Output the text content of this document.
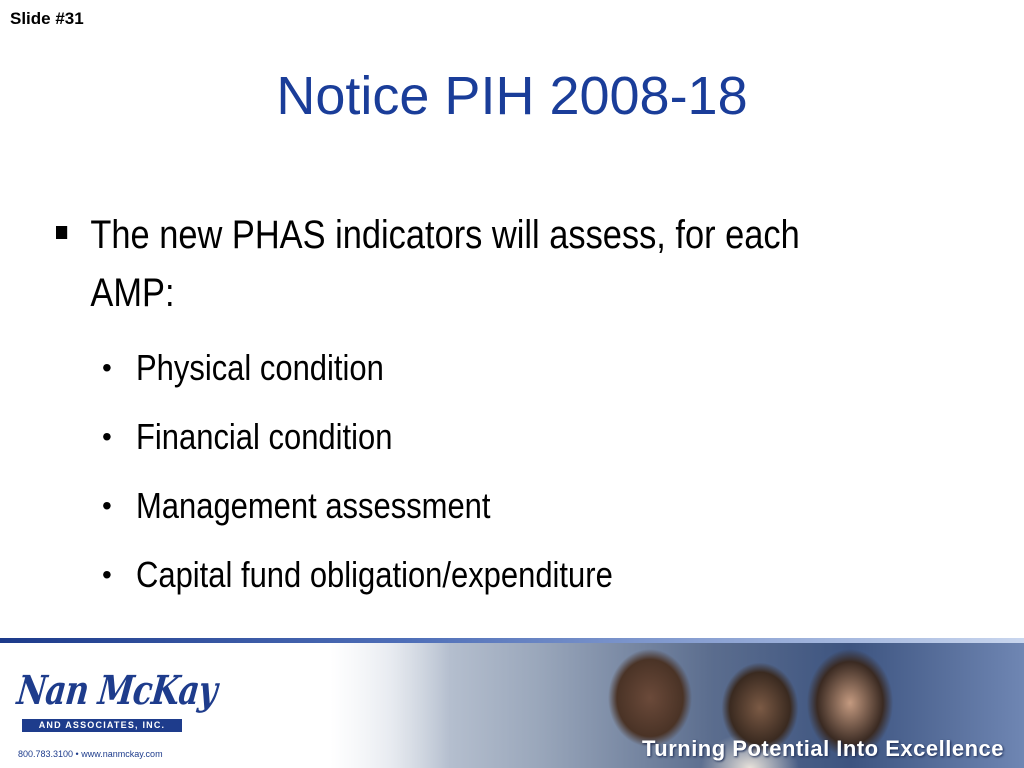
Slide #31
Notice PIH 2008-18
The new PHAS indicators will assess, for each AMP:
• Physical condition
• Financial condition
• Management assessment
• Capital fund obligation/expenditure
Nan McKay
AND ASSOCIATES, INC.
800.783.3100 • www.nanmckay.com	Turning Potential Into Excellence
